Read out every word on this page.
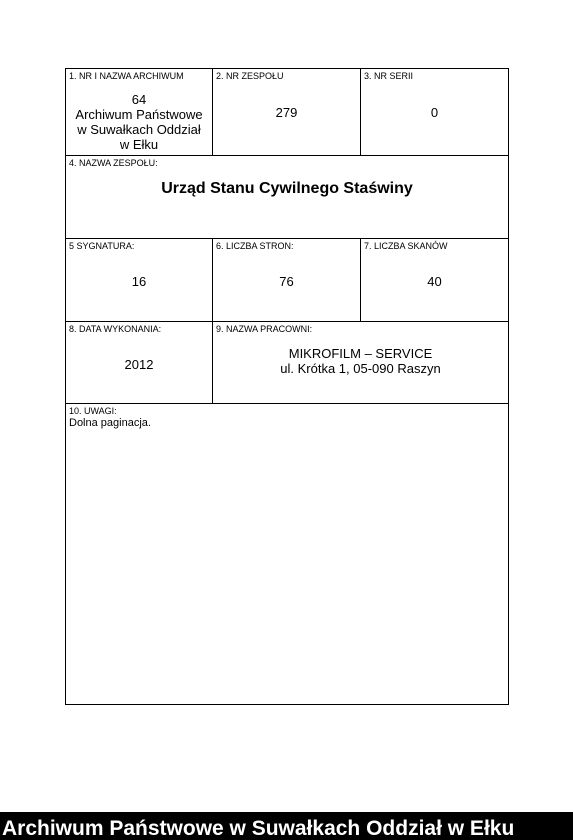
1. NR I NAZWA ARCHIWUM
64
Archiwum Państwowe
w Suwałkach Oddział
w Ełku
2. NR ZESPOŁU
279
3. NR SERII
0
4. NAZWA ZESPOŁU:
Urząd Stanu Cywilnego Staświny
5 SYGNATURA:
16
6. LICZBA STRON:
76
7. LICZBA SKANÓW
40
8. DATA WYKONANIA:
2012
9. NAZWA PRACOWNI:
MIKROFILM – SERVICE
ul. Krótka 1, 05-090 Raszyn
10. UWAGI:
Dolna paginacja.
Archiwum Państwowe w Suwałkach Oddział w Ełku
